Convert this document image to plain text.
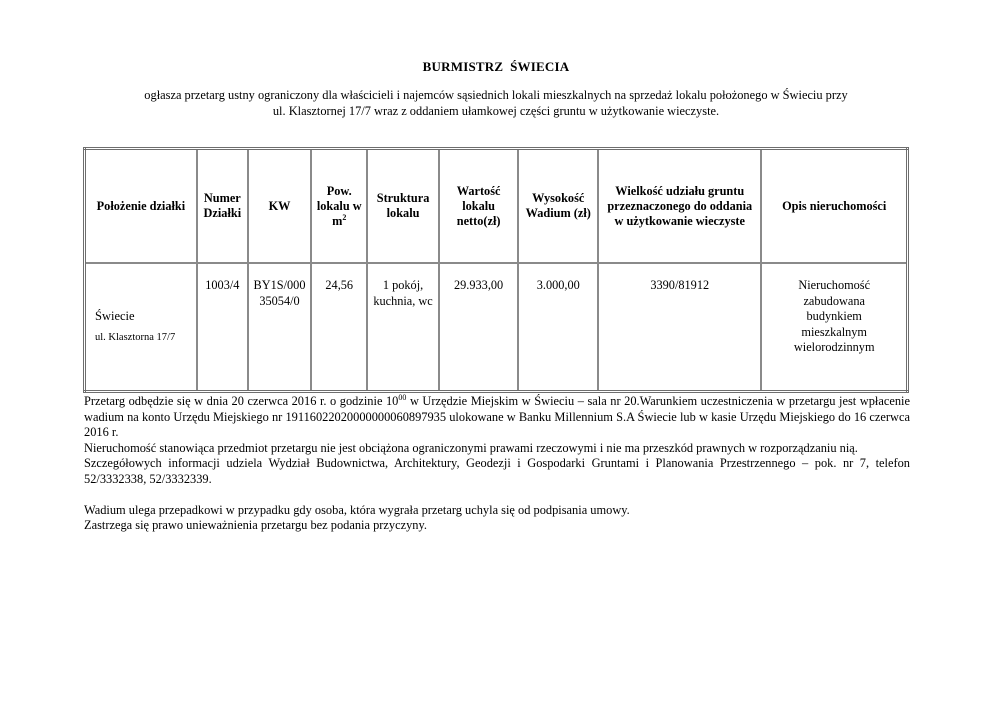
BURMISTRZ  ŚWIECIA
ogłasza przetarg ustny ograniczony dla właścicieli i najemców sąsiednich lokali mieszkalnych na sprzedaż lokalu położonego w Świeciu przy
ul. Klasztornej 17/7 wraz z oddaniem ułamkowej części gruntu w użytkowanie wieczyste.
Położenie działki	Numer Działki	KW	Pow. lokalu w $m^2$	Struktura lokalu	Wartość lokalu netto(zł)	Wysokość Wadium (zł)	Wielkość udziału gruntu przeznaczonego do oddania w użytkowanie wieczyste	Opis nieruchomości

Świecie
ul. Klasztorna 17/7	1003/4	BY1S/00035054/0	24,56	1 pokój, kuchnia, wc	29.933,00	3.000,00	3390/81912	Nieruchomość zabudowana budynkiem mieszkalnym wielorodzinnym

Przetarg odbędzie się w dnia 20 czerwca 2016 r. o godzinie $10^{00}$ w Urzędzie Miejskim w Świeciu – sala nr 20.Warunkiem uczestniczenia w przetargu jest wpłacenie wadium na konto Urzędu Miejskiego nr 19116022020000000060897935 ulokowane w Banku Millennium S.A Świecie lub w kasie Urzędu Miejskiego do 16 czerwca 2016 r.

Nieruchomość stanowiąca przedmiot przetargu nie jest obciążona ograniczonymi prawami rzeczowymi i nie ma przeszkód prawnych w rozporządzaniu nią.

Szczegółowych informacji udziela Wydział Budownictwa, Architektury, Geodezji i Gospodarki Gruntami i Planowania Przestrzennego – pok. nr 7, telefon 52/3332338, 52/3332339.

Wadium ulega przepadkowi w przypadku gdy osoba, która wygrała przetarg uchyla się od podpisania umowy.

Zastrzega się prawo unieważnienia przetargu bez podania przyczyny.
